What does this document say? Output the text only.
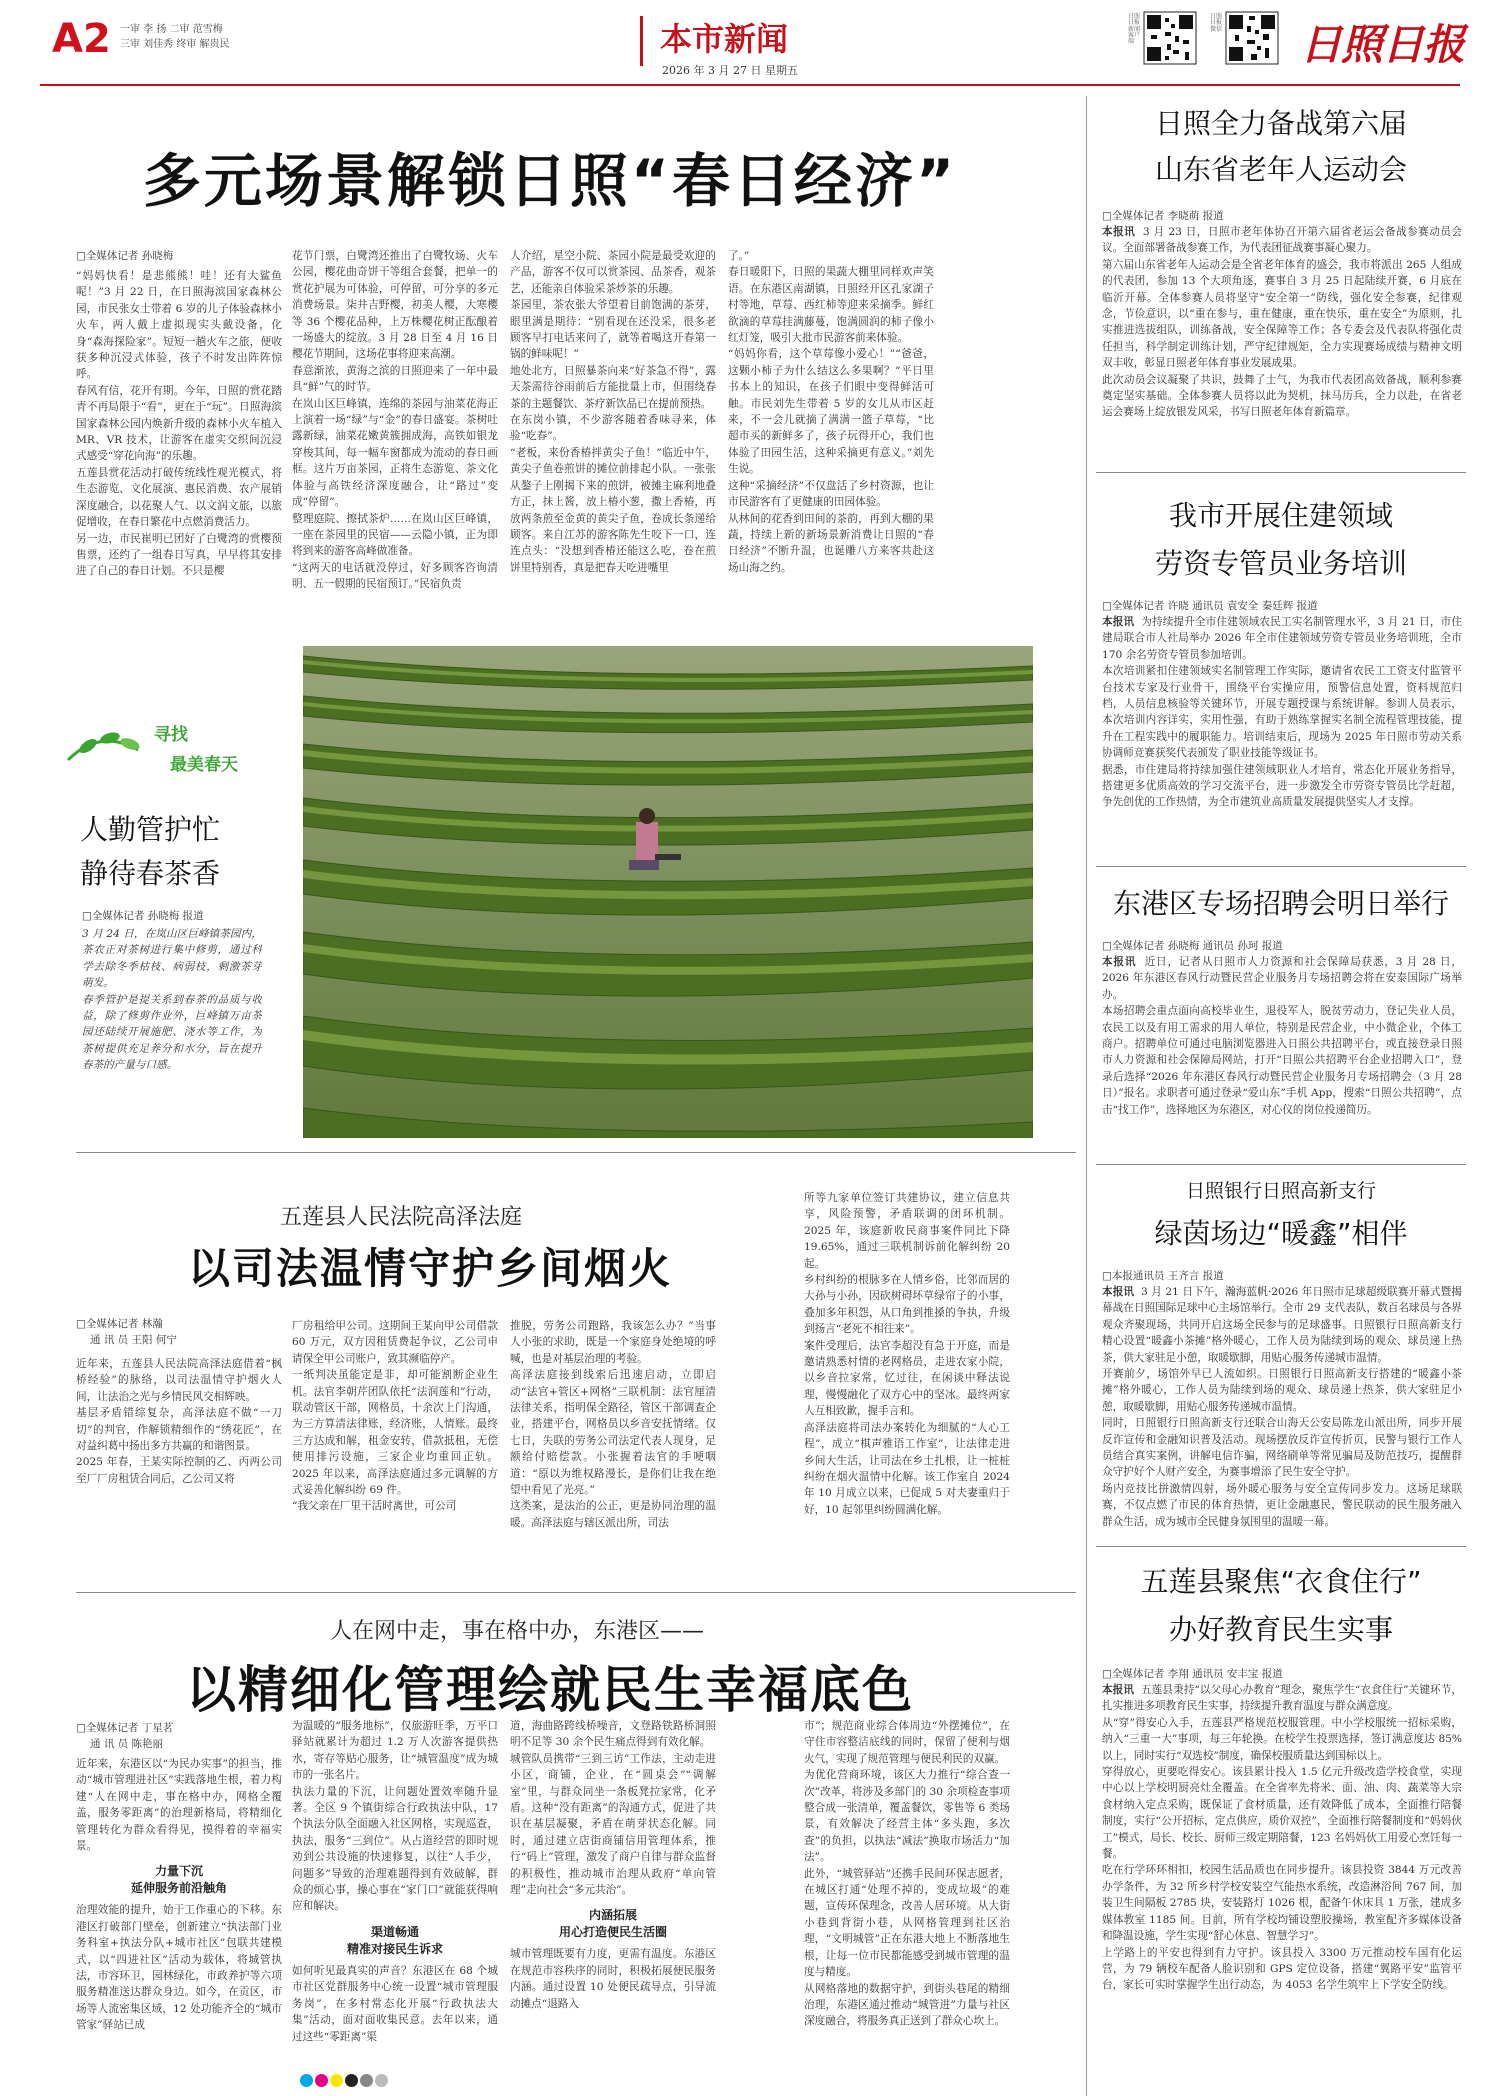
A2 一审 李 扬 二审 范雪梅
三审 刘佳秀 终审 解贵民	本市新闻
2026 年 3 月 27 日 星期五
日照日报新闻客户端
日照日报微信 日照日报
多元场景解锁日照“春日经济”
□全媒体记者 孙晓梅
“妈妈快看！是悲熊熊！哇！还有大鲨鱼呢！”3 月 22 日，在日照海滨国家森林公园，市民张女士带着 6 岁的儿子体验森林小火车，两人戴上虚拟现实头戴设备，化身“森海探险家”。短短一趟火车之旅，便收获多种沉浸式体验，孩子不时发出阵阵惊呼。
春风有信，花开有期。今年，日照的赏花踏青不再局限于“看”，更在于“玩”。日照海滨国家森林公园内焕新升级的森林小火车植入 MR、VR 技术，让游客在虚实交织间沉浸式感受“穿花向海”的乐趣。
五莲县赏花活动打破传统线性观光模式，将生态游览、文化展演、惠民消费、农产展销深度融合，以花聚人气、以文润文旅，以旅促增收，在春日繁花中点燃消费活力。
另一边，市民崔明已团好了白鹭湾的赏樱预售票，还约了一组春日写真，早早将其安排进了自己的春日计划。不只是樱
花节门票，白鹭湾还推出了白鹭牧场、火车公园，樱花曲奇饼干等组合套餐，把单一的赏花护展为可体验，可停留，可分享的多元消费场景。柒井吉野樱，初美人樱，大寒樱等 36 个樱花品种，上万株樱花树正酝酿着一场盛大的绽放。3 月 28 日至 4 月 16 日樱花节期间，这场花事将迎来高潮。
春意渐浓，黄海之滨的日照迎来了一年中最具“鲜”气的时节。
在岚山区巨峰镇，连绵的茶园与油菜花海正上演着一场“绿”与“金”的春日盛宴。茶树吐露新绿，油菜花嫩黄簇拥成海，高铁如银龙穿梭其间，每一幅车窗都成为流动的春日画框。这片万亩茶园，正将生态游览、茶文化体验与高铁经济深度融合，让“路过”变成“停留”。
整理庭院、擦拭茶炉……在岚山区巨峰镇，一座在茶园里的民宿——云隐小镇，正为即将到来的游客高峰做准备。
“这两天的电话就没停过，好多顾客咨询清明、五一假期的民宿预订。”民宿负责
人介绍，星空小院、茶园小院是最受欢迎的产品，游客不仅可以赏茶园、品茶香，观茶艺，还能亲自体验采茶炒茶的乐趣。
茶园里，茶农张大爷望着目前饱满的茶芽，眼里满是期待：“别看现在还没采，很多老顾客早打电话来问了，就等着喝这开春第一锅的鲜味呢！”
地处北方，日照暴茶向来“好茶急不得”，露天茶需待谷雨前后方能批量上市，但围绕春茶的主题餐饮、茶疗新饮品已在提前预热。
在东岗小镇，不少游客随着香味寻来，体验“吃春”。
“老板，来份香椿拌黄尖子鱼！”临近中午，黄尖子鱼卷煎饼的摊位前排起小队。一张张从鏊子上刚揭下来的煎饼，被摊主麻利地叠方正，抹上酱，放上椿小葱，撒上香椿，再放两条煎至金黄的黄尖子鱼，卷成长条递给顾客。来自江苏的游客陈先生咬下一口，连连点头：“没想到香椿还能这么吃，卷在煎饼里特别香，真是把春天吃进嘴里
了。”
春日暖阳下，日照的果蔬大棚里同样欢声笑语。在东港区南湖镇，日照经开区孔家湖子村等地，草莓、西红柿等迎来采摘季。鲜红欲滴的草莓挂满藤蔓，饱满圆润的柿子像小红灯笼，吸引大批市民游客前来体验。
“妈妈你看，这个草莓像小爱心！”“爸爸，这颗小柿子为什么结这么多果啊？”平日里书本上的知识，在孩子们眼中变得鲜活可触。市民刘先生带着 5 岁的女儿从市区赶来，不一会儿就摘了满满一篮子草莓，“比超市买的新鲜多了，孩子玩得开心，我们也体验了田园生活，这种采摘更有意义。”刘先生说。
这种“采摘经济”不仅盘活了乡村资源，也让市民游客有了更健康的田园体验。
从林间的花香到田间的茶韵，再到大棚的果蔬，持续上新的新场景新消费让日照的“春日经济”不断升温，也诞雕八方来客共赴这场山海之约。
寻找
最美春天
人勤管护忙
静待春茶香
□全媒体记者 孙晓梅 报道
3 月 24 日，在岚山区巨峰镇茶园内，茶农正对茶树进行集中修剪，通过科学去除冬季枯枝、病弱枝，剩激茶芽萌发。
春季管护是提关系到春茶的品质与收益，除了修剪作业外，巨峰镇万亩茶园还陆续开展施肥、浇水等工作，为茶树提供充足养分和水分，旨在提升春茶的产量与口感。
日照全力备战第六届
山东省老年人运动会
□全媒体记者 李晓萌 报道
本报讯 3 月 23 日，日照市老年体协召开第六届省老运会备战参赛动员会议。全面部署备战参赛工作，为代表团征战赛事凝心聚力。
第六届山东省老年人运动会是全省老年体育的盛会，我市将派出 265 人组成的代表团，参加 13 个大项角逐，赛事自 3 月 25 日起陆续开赛，6 月底在临沂开幕。全体参赛人员将坚守“安全第一”防线，强化安全参赛，纪律观念，节俭意识，以“重在参与，重在健康，重在快乐，重在安全”为原则，扎实推进选拔组队，训练备战，安全保障等工作；各专委会及代表队将强化责任担当，科学制定训练计划，严守纪律规矩，全力实现赛场成绩与精神文明双丰收，彰显日照老年体育事业发展成果。
此次动员会议凝聚了共识，鼓舞了士气，为我市代表团高效备战，顺利参赛奠定坚实基础。全体参赛人员将以此为契机，抹马历兵，全力以赴，在省老运会赛场上绽放银发风采，书写日照老年体育新篇章。
我市开展住建领域
劳资专管员业务培训
□全媒体记者 许晓 通讯员 袁安全 秦廷辉 报道
本报讯 为持续提升全市住建领域农民工实名制管理水平，3 月 21 日，市住建局联合市人社局举办 2026 年全市住建领域劳资专管员业务培训班，全市 170 余名劳资专管员参加培训。
本次培训紧扣住建领域实名制管理工作实际，邀请省农民工工资支付监管平台技术专家及行业骨干，围绕平台实操应用，预警信息处置，资料规范归档，人员信息核验等关键环节，开展专题授课与系统讲解。参训人员表示，本次培训内容详实，实用性强，有助于熟练掌握实名制全流程管理技能，提升在工程实践中的履职能力。培训结束后，现场为 2025 年日照市劳动关系协调师竞赛获奖代表颁发了职业技能等级证书。
据悉，市住建局将持续加强住建领域职业人才培育，常态化开展业务指导，搭建更多优质高效的学习交流平台，进一步激发全市劳资专管员比学赶超，争先创优的工作热情，为全市建筑业高质量发展提供坚实人才支撑。
东港区专场招聘会明日举行
□全媒体记者 孙晓梅 通讯员 孙珂 报道
本报讯 近日，记者从日照市人力资源和社会保障局获悉，3 月 28 日，2026 年东港区春风行动暨民营企业服务月专场招聘会将在安泰国际广场举办。
本场招聘会重点面向高校毕业生，退役军人，脱贫劳动力，登记失业人员，农民工以及有用工需求的用人单位，特别是民营企业，中小微企业，个体工商户。招聘单位可通过电脑浏览器进入日照公共招聘平台，或直接登录日照市人力资源和社会保障局网站，打开“日照公共招聘平台企业招聘入口”，登录后选择“2026 年东港区春风行动暨民营企业服务月专场招聘会（3 月 28 日）”报名。求职者可通过登录“爱山东”手机 App，搜索“日照公共招聘”，点击“找工作”，选择地区为东港区，对心仪的岗位投递简历。
日照银行日照高新支行
绿茵场边“暖鑫”相伴
□本报通讯员 王齐言 报道
本报讯 3 月 21 日下午，瀚海蓝帆·2026 年日照市足球超级联赛开幕式暨揭幕战在日照国际足球中心主场馆举行。全市 29 支代表队，数百名球员与各界观众齐聚现场，共同开启这场全民参与的足球盛事。日照银行日照高新支行精心设置“暖鑫小茶摊”格外暖心，工作人员为陆续到场的观众、球员递上热茶，供大家驻足小憩，取暖歇脚，用贴心服务传递城市温情。
开赛前夕，场馆外早已人流如织。日照银行日照高新支行搭建的“暖鑫小茶摊”格外暖心，工作人员为陆续到场的观众、球员递上热茶，供大家驻足小憩，取暖歇脚，用贴心服务传递城市温情。
同时，日照银行日照高新支行还联合山海天公安局陈龙山派出所，同步开展反诈宣传和金融知识普及活动。现场摆放反诈宣传折页，民警与银行工作人员结合真实案例，讲解电信诈骗，网络刷单等常见骗局及防范技巧，提醒群众守护好个人财产安全，为赛事增添了民生安全守护。
场内竞技比拼激情四射，场外暖心服务与安全宣传同步发力。这场足球联赛，不仅点燃了市民的体育热情，更让金融惠民，警民联动的民生服务融入群众生活，成为城市全民健身氛围里的温暖一幕。
五莲县聚焦“衣食住行”
办好教育民生实事
□全媒体记者 李翔 通讯员 安丰宝 报道
本报讯 五莲县秉持“以父母心办教育”理念，聚焦学生“衣食住行”关键环节，扎实推进多项教育民生实事，持续提升教育温度与群众满意度。
从“穿”得安心入手，五莲县严格规范校服管理。中小学校服统一招标采购，纳入“三重一大”事项，每三年轮换。在校学生投票选择，签订满意度达 85% 以上，同时实行“双选校”制度，确保校服质量达到国标以上。
穿得放心，更要吃得安心。该县累计投入 1.5 亿元升级改造学校食堂，实现中心以上学校明厨亮灶全覆盖。在全省率先将米、面、油、肉、蔬菜等大宗食材纳入定点采购，既保证了食材质量，还有效降低了成本，全面推行陪餐制度，实行“公开招标，定点供应，质价双控”，全面推行陪餐制度和“妈妈伙工”模式，局长、校长、厨师三级定期陪餐，123 名妈妈伙工用爱心烹饪每一餐。
吃在行学环环相扣，校园生活品质也在同步提升。该县投资 3844 万元改善办学条件，为 32 所乡村学校安装空气能热水系统，改造淋浴间 767 间，加装卫生间隔板 2785 块，安装路灯 1026 根，配备午休床具 1 万张，建成多媒体教室 1185 间。目前，所有学校均铺设塑胶操场，教室配齐多媒体设备和降温设施，学生实现“舒心休息、智慧学习”。
上学路上的平安也得到有力守护。该县投入 3300 万元推动校车国有化运营，为 79 辆校车配备人脸识别和 GPS 定位设备，搭建“翼路平安”监管平台，家长可实时掌握学生出行动态，为 4053 名学生筑牢上下学安全防线。
五莲县人民法院高泽法庭
以司法温情守护乡间烟火
□全媒体记者 林瀚
通 讯 员 王阳 何宁
近年来，五莲县人民法院高泽法庭借着“枫桥经验”的脉络，以司法温情守护烟火人间，让法治之光与乡情民风交相辉映。
基层矛盾错综复杂，高泽法庭不做“一刀切”的判官，作解锁精细作的“绣花匠”，在对益纠葛中扬出多方共赢的和谐图景。
2025 年春，王某实际控制的乙、丙两公司至厂厂房租赁合同后，乙公司又将
厂房租给甲公司。这期间王某向甲公司借款 60 万元，双方因租赁费起争议，乙公司申请保全甲公司账户，致其濒临停产。
一纸判决虽能定是非，却可能割断企业生机。法官李朝芹团队依托“法润莲和”行动，联动管区干部，网格员，十余次上门沟通，为三方算清法律账，经济账，人情账。最终三方达成和解，租金安转，借款抵租，无偿使用排污设施，三家企业均重回正轨。2025 年以来，高泽法庭通过多元调解的方式妥善化解纠纷 69 件。
“我父亲在厂里干活时离世，可公司
推脱，劳务公司跑路，我该怎么办？”当事人小张的求助，既是一个家庭身处绝境的呼喊，也是对基层治理的考验。
高泽法庭接到线索后迅速启动，立即启动“法官+管区+网格”三联机制：法官厘清法律关系，指明保全路径，管区干部调查企业，搭建平台，网格员以乡音安抚情绪。仅七日，失联的劳务公司法定代表人现身，足额给付赔偿款。小张握着法官的手哽咽道：“原以为维权路漫长，是你们让我在绝望中看见了光亮。”
这类案，是法治的公正，更是协同治理的温暖。高泽法庭与辖区派出所，司法
所等九家单位签订共建协议，建立信息共享，风险预警，矛盾联调的闭环机制。2025 年，该庭新收民商事案件同比下降 19.65%，通过三联机制诉前化解纠纷 20 起。
乡村纠纷的根脉多在人情乡俗，比邻而居的大孙与小孙，因砍树碍坏草绿帘子的小事，叠加多年积怨，从口角到推搡的争执，升级到扬言“老死不相往来”。
案件受理后，法官李超没有急于开庭，而是邀请熟悉村情的老网格员，走进农家小院，以乡音拉家常，忆过往，在闲谈中释法说理，慢慢融化了双方心中的坚冰。最终两家人互相致歉，握手言和。
高泽法庭将司法办案转化为细腻的“人心工程”，成立“棋声雅语工作室”，让法律走进乡间大生活，让司法在乡土扎根，让一桩桩纠纷在烟火温情中化解。该工作室自 2024 年 10 月成立以来，已促成 5 对夫妻重归于好，10 起邻里纠纷圆满化解。
人在网中走，事在格中办，东港区——
以精细化管理绘就民生幸福底色
□全媒体记者 丁星茗
通 讯 员 陈艳丽
近年来，东港区以“为民办实事”的担当，推动“城市管理进社区”实践落地生根，着力构建“人在网中走，事在格中办，网格全覆盖，服务零距离”的治理新格局，将精细化管理转化为群众看得见，摸得着的幸福实景。
力量下沉
延伸服务前沿触角
治理效能的提升，始于工作重心的下移。东港区打破部门壁垒，创新建立“执法部门业务科室+执法分队+城市社区”包联共建模式，以“四进社区”活动为载体，将城管执法，市容环卫，园林绿化，市政养护等六项服务精准送达群众身边。如今，在贡区，市场等人流密集区域，12 处功能齐全的“城市管家”驿站已成
为温暖的“服务地标”，仅旅游旺季，万平口驿站就累计为超过 1.2 万人次游客提供热水，寄存等贴心服务，让“城管温度”成为城市的一张名片。
执法力量的下沉，让问题处置效率随升显著。全区 9 个镇街综合行政执法中队，17 个执法分队全面融入社区网格，实现巡查，执法，服务“三到位”。从占道经营的即时规劝到公共设施的快速修复，以往“人手少，问题多”导致的治理难题得到有效破解，群众的烦心事，操心事在“家门口”就能获得响应和解决。
渠道畅通
精准对接民生诉求
如何听见最真实的声音？东港区在 68 个城市社区党群服务中心统一设置“城市管理服务岗”，在多村常态化开展“行政执法大集”活动，面对面收集民意。去年以来，通过这些“零距离”渠
道，海曲路跨线桥噪音，文登路铁路桥洞照明不足等 30 余个民生痛点得到有效化解。
城管队员携带“三到三访”工作法，主动走进小区，商铺，企业，在“圆桌会”“调解室”里，与群众同坐一条板凳拉家常，化矛盾。这种“没有距离”的沟通方式，促进了共识在基层凝聚，矛盾在萌芽状态化解。同时，通过建立店街商铺信用管理体系，推行“码上”管理，激发了商户自律与群众监督的积极性，推动城市治理从政府“单向管理”走向社会“多元共治”。
内涵拓展
用心打造便民生活圈
城市管理既要有力度，更需有温度。东港区在规范市容秩序的同时，积极拓展便民服务内涵。通过设置 10 处便民疏导点，引导流动摊点“退路入
市”；规范商业综合体周边“外摆摊位”，在守住市容整洁底线的同时，保留了便利与烟火气，实现了规范管理与便民利民的双赢。
为优化营商环境，该区大力推行“综合查一次”改革，将涉及多部门的 30 余项检查事项整合成一张清单，覆盖餐饮，零售等 6 类场景，有效解决了经营主体“多头跑，多次查”的负担，以执法“减法”换取市场活力“加法”。
此外，“城管驿站”还携手民间环保志愿者，在城区打通“处理不掉的，变成垃圾”的难题，宣传环保理念，改善人居环境。从大街小巷到背街小巷，从网格管理到社区治理，“文明城管”正在东港大地上不断落地生根，让每一位市民都能感受到城市管理的温度与精度。
从网格落地的数据守护，到街头巷尾的精细治理，东港区通过推动“城管进”力量与社区深度融合，将服务真正送到了群众心坎上。
